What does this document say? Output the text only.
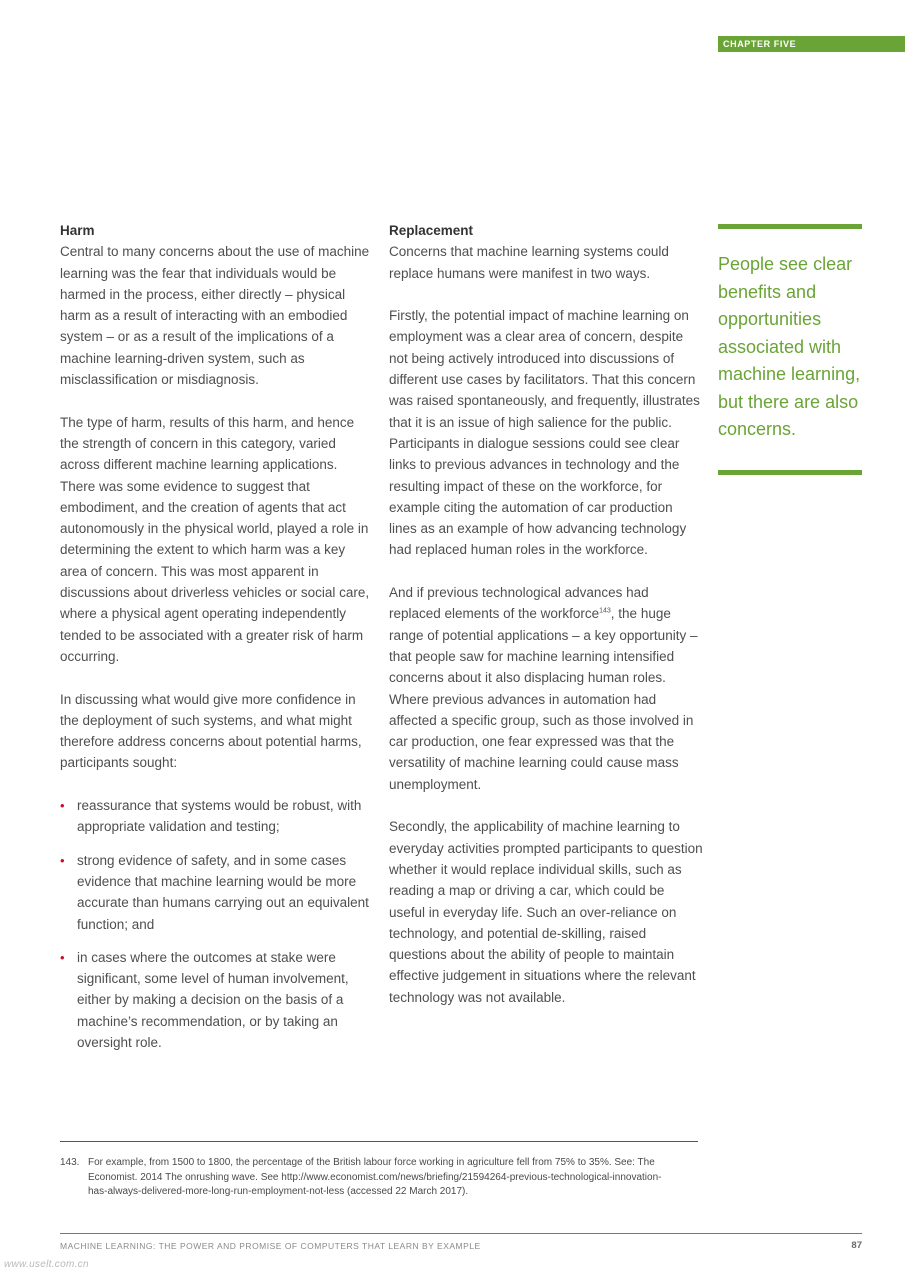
CHAPTER FIVE
Harm

Central to many concerns about the use of machine learning was the fear that individuals would be harmed in the process, either directly – physical harm as a result of interacting with an embodied system – or as a result of the implications of a machine learning-driven system, such as misclassification or misdiagnosis.

The type of harm, results of this harm, and hence the strength of concern in this category, varied across different machine learning applications. There was some evidence to suggest that embodiment, and the creation of agents that act autonomously in the physical world, played a role in determining the extent to which harm was a key area of concern. This was most apparent in discussions about driverless vehicles or social care, where a physical agent operating independently tended to be associated with a greater risk of harm occurring.

In discussing what would give more confidence in the deployment of such systems, and what might therefore address concerns about potential harms, participants sought:

• reassurance that systems would be robust, with appropriate validation and testing;
• strong evidence of safety, and in some cases evidence that machine learning would be more accurate than humans carrying out an equivalent function; and
• in cases where the outcomes at stake were significant, some level of human involvement, either by making a decision on the basis of a machine’s recommendation, or by taking an oversight role.
Replacement

Concerns that machine learning systems could replace humans were manifest in two ways.

Firstly, the potential impact of machine learning on employment was a clear area of concern, despite not being actively introduced into discussions of different use cases by facilitators. That this concern was raised spontaneously, and frequently, illustrates that it is an issue of high salience for the public. Participants in dialogue sessions could see clear links to previous advances in technology and the resulting impact of these on the workforce, for example citing the automation of car production lines as an example of how advancing technology had replaced human roles in the workforce.

And if previous technological advances had replaced elements of the workforce$^{143}$, the huge range of potential applications – a key opportunity – that people saw for machine learning intensified concerns about it also displacing human roles. Where previous advances in automation had affected a specific group, such as those involved in car production, one fear expressed was that the versatility of machine learning could cause mass unemployment.

Secondly, the applicability of machine learning to everyday activities prompted participants to question whether it would replace individual skills, such as reading a map or driving a car, which could be useful in everyday life. Such an over-reliance on technology, and potential de-skilling, raised questions about the ability of people to maintain effective judgement in situations where the relevant technology was not available.

People see clear benefits and opportunities associated with machine learning, but there are also concerns.
143. For example, from 1500 to 1800, the percentage of the British labour force working in agriculture fell from 75% to 35%. See: The Economist. 2014 The onrushing wave. See http://www.economist.com/news/briefing/21594264-previous-technological-innovation-has-always-delivered-more-long-run-employment-not-less (accessed 22 March 2017).
MACHINE LEARNING: THE POWER AND PROMISE OF COMPUTERS THAT LEARN BY EXAMPLE	87
www.uselt.com.cn
